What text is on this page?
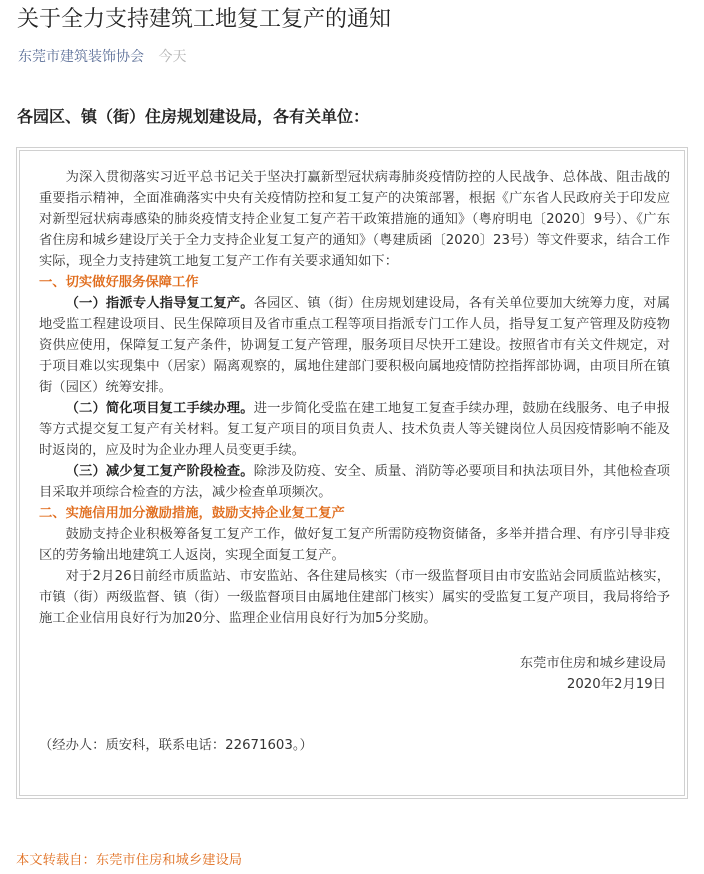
关于全力支持建筑工地复工复产的通知
东莞市建筑装饰协会 今天
各园区、镇（街）住房规划建设局，各有关单位：

为深入贯彻落实习近平总书记关于坚决打赢新型冠状病毒肺炎疫情防控的人民战争、总体战、阻击战的重要指示精神，全面准确落实中央有关疫情防控和复工复产的决策部署，根据《广东省人民政府关于印发应对新型冠状病毒感染的肺炎疫情支持企业复工复产若干政策措施的通知》（粤府明电〔2020〕9号）、《广东省住房和城乡建设厅关于全力支持企业复工复产的通知》（粤建质函〔2020〕23号）等文件要求，结合工作实际，现全力支持建筑工地复工复产工作有关要求通知如下：

一、切实做好服务保障工作

（一）指派专人指导复工复产。各园区、镇（街）住房规划建设局，各有关单位要加大统筹力度，对属地受监工程建设项目、民生保障项目及省市重点工程等项目指派专门工作人员，指导复工复产管理及防疫物资供应使用，保障复工复产条件，协调复工复产管理，服务项目尽快开工建设。按照省市有关文件规定，对于项目难以实现集中（居家）隔离观察的，属地住建部门要积极向属地疫情防控指挥部协调，由项目所在镇街（园区）统筹安排。

（二）简化项目复工手续办理。进一步简化受监在建工地复工复查手续办理，鼓励在线服务、电子申报等方式提交复工复产有关材料。复工复产项目的项目负责人、技术负责人等关键岗位人员因疫情影响不能及时返岗的，应及时为企业办理人员变更手续。

（三）减少复工复产阶段检查。除涉及防疫、安全、质量、消防等必要项目和执法项目外，其他检查项目采取并项综合检查的方法，减少检查单项频次。

二、实施信用加分激励措施，鼓励支持企业复工复产

鼓励支持企业积极筹备复工复产工作，做好复工复产所需防疫物资储备，多举并措合理、有序引导非疫区的劳务输出地建筑工人返岗，实现全面复工复产。

对于2月26日前经市质监站、市安监站、各住建局核实（市一级监督项目由市安监站会同质监站核实，市镇（街）两级监督、镇（街）一级监督项目由属地住建部门核实）属实的受监复工复产项目，我局将给予施工企业信用良好行为加20分、监理企业信用良好行为加5分奖励。

东莞市住房和城乡建设局

2020年2月19日

（经办人：质安科，联系电话：22671603。）

本文转载自：东莞市住房和城乡建设局
